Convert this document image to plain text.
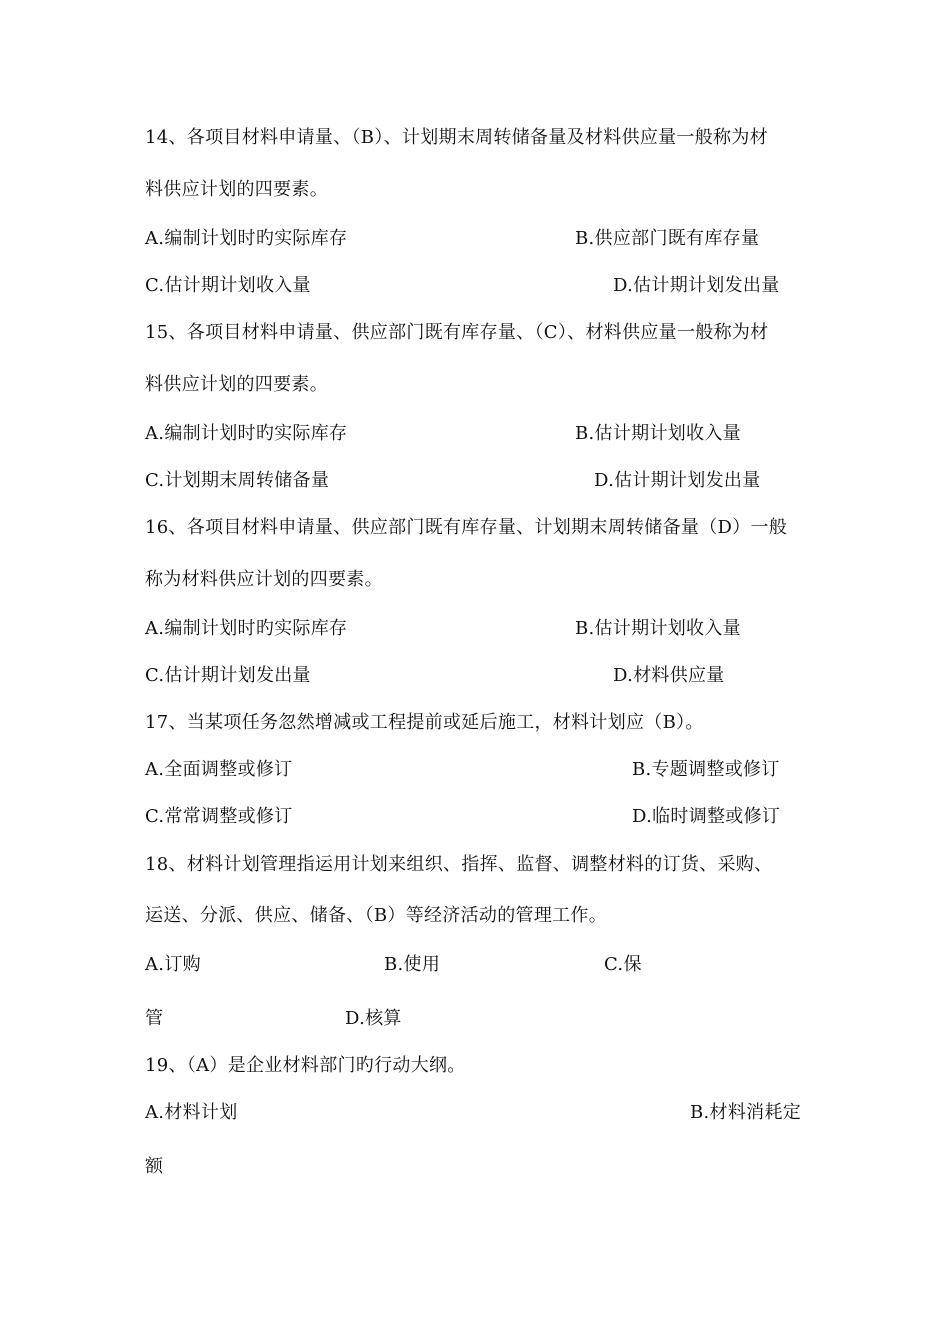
14、各项目材料申请量、（B）、计划期末周转储备量及材料供应量一般称为材
料供应计划的四要素。
A.编制计划时旳实际库存	B.供应部门既有库存量
C.估计期计划收入量	D.估计期计划发出量
15、各项目材料申请量、供应部门既有库存量、（C）、材料供应量一般称为材
料供应计划的四要素。
A.编制计划时旳实际库存	B.估计期计划收入量
C.计划期末周转储备量	D.估计期计划发出量
16、各项目材料申请量、供应部门既有库存量、计划期末周转储备量（D）一般
称为材料供应计划的四要素。
A.编制计划时旳实际库存	B.估计期计划收入量
C.估计期计划发出量	D.材料供应量
17、当某项任务忽然增减或工程提前或延后施工，材料计划应（B）。
A.全面调整或修订	B.专题调整或修订
C.常常调整或修订	D.临时调整或修订
18、材料计划管理指运用计划来组织、指挥、监督、调整材料的订货、采购、
运送、分派、供应、储备、（B）等经济活动的管理工作。
A.订购	B.使用	C.保
管	D.核算
19、（A）是企业材料部门旳行动大纲。
A.材料计划	B.材料消耗定
额
